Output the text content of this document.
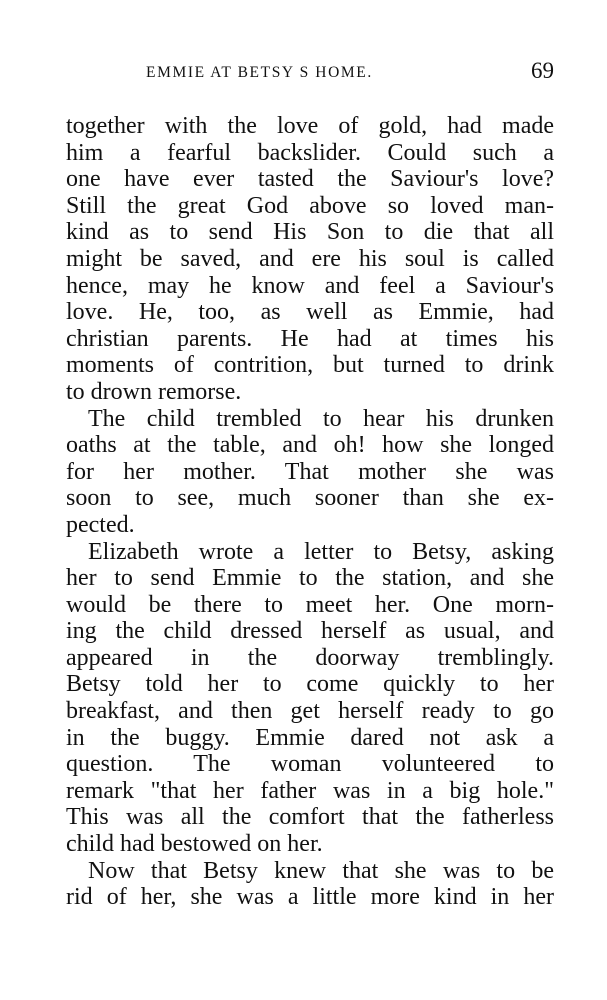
EMMIE AT BETSY S HOME.	69
together with the love of gold, had made
him a fearful backslider. Could such a
one have ever tasted the Saviour's love?
Still the great God above so loved man-
kind as to send His Son to die that all
might be saved, and ere his soul is called
hence, may he know and feel a Saviour's
love. He, too, as well as Emmie, had
christian parents. He had at times his
moments of contrition, but turned to drink
to drown remorse.
The child trembled to hear his drunken
oaths at the table, and oh! how she longed
for her mother. That mother she was
soon to see, much sooner than she ex-
pected.
Elizabeth wrote a letter to Betsy, asking
her to send Emmie to the station, and she
would be there to meet her. One morn-
ing the child dressed herself as usual, and
appeared in the doorway tremblingly.
Betsy told her to come quickly to her
breakfast, and then get herself ready to go
in the buggy. Emmie dared not ask a
question. The woman volunteered to
remark "that her father was in a big hole."
This was all the comfort that the fatherless
child had bestowed on her.
Now that Betsy knew that she was to be
rid of her, she was a little more kind in her
